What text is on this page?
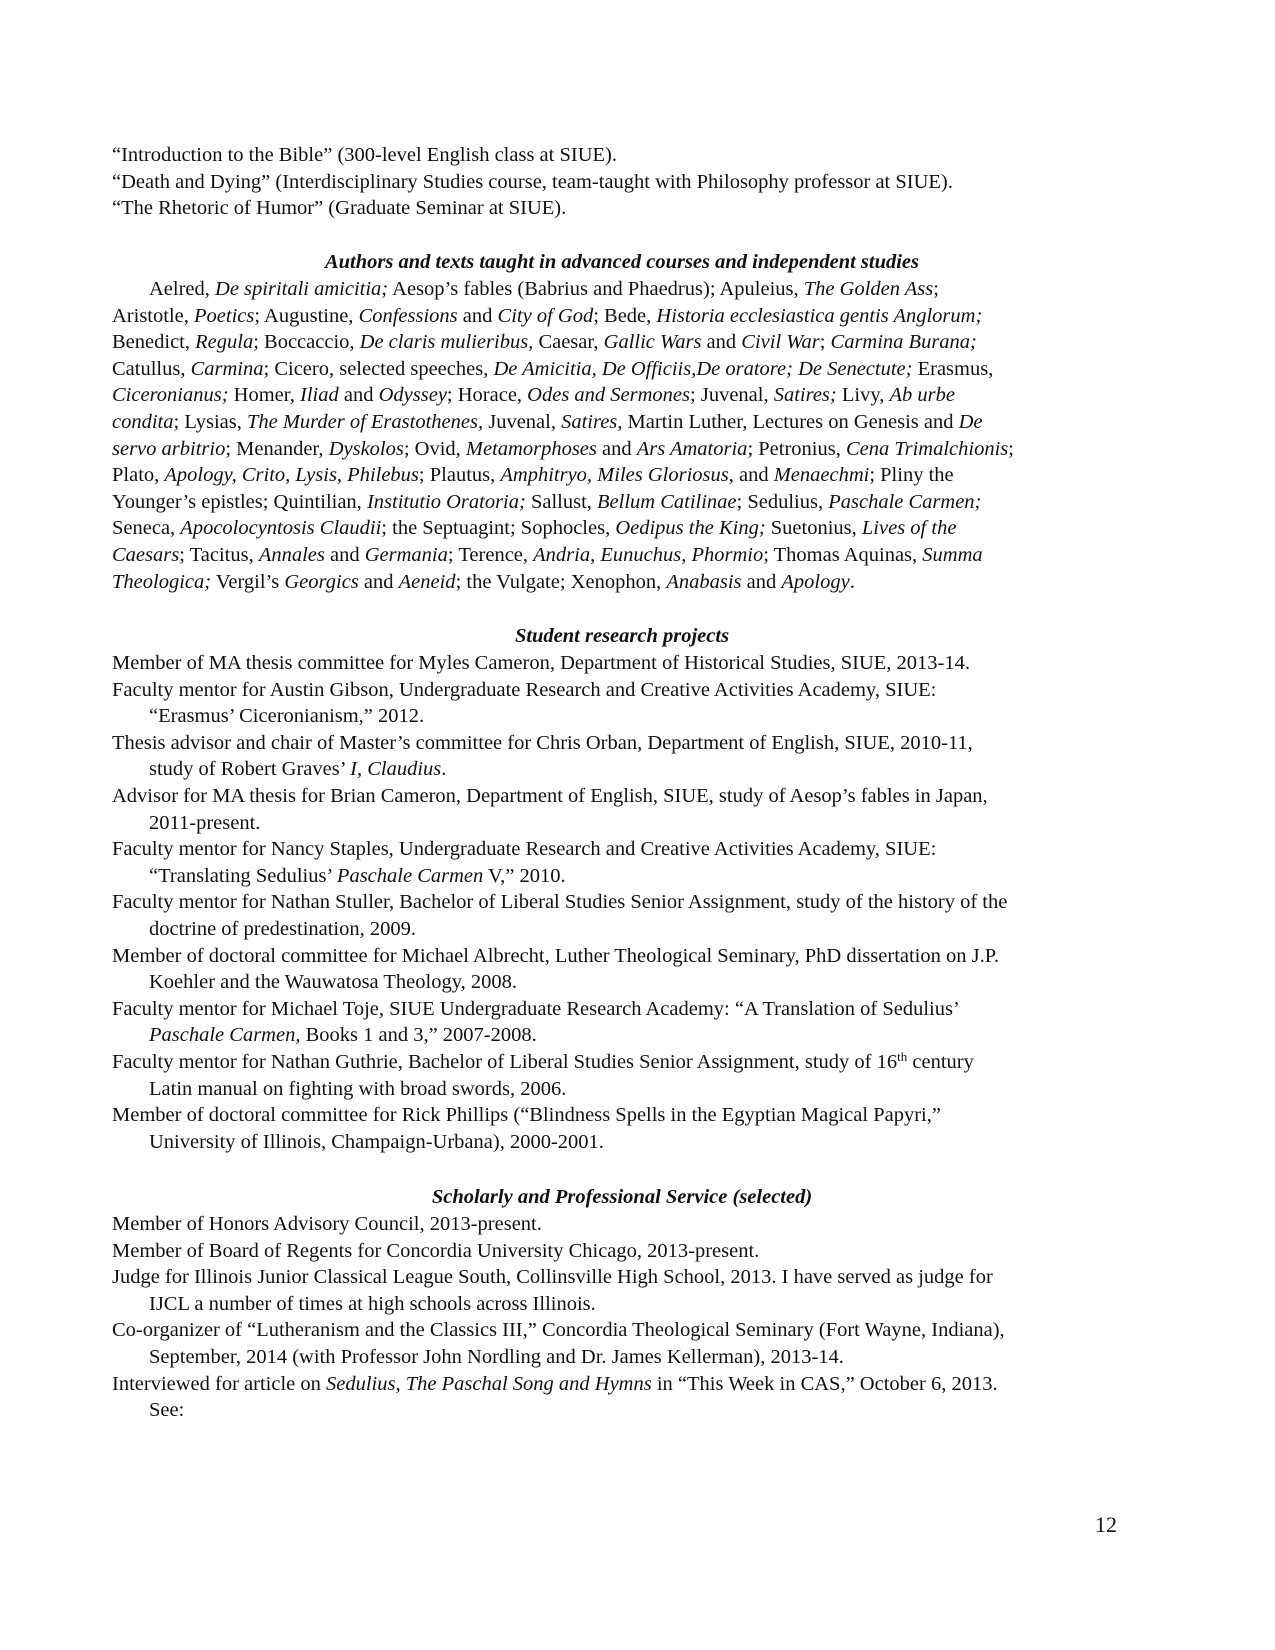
“Introduction to the Bible” (300-level English class at SIUE).
“Death and Dying” (Interdisciplinary Studies course, team-taught with Philosophy professor at SIUE).
“The Rhetoric of Humor” (Graduate Seminar at SIUE).
Authors and texts taught in advanced courses and independent studies
Aelred, De spiritali amicitia; Aesop’s fables (Babrius and Phaedrus); Apuleius, The Golden Ass;
Aristotle, Poetics; Augustine, Confessions and City of God; Bede, Historia ecclesiastica gentis Anglorum;
Benedict, Regula; Boccaccio, De claris mulieribus, Caesar, Gallic Wars and Civil War; Carmina Burana;
Catullus, Carmina; Cicero, selected speeches, De Amicitia, De Officiis,De oratore; De Senectute; Erasmus,
Ciceronianus; Homer, Iliad and Odyssey; Horace, Odes and Sermones; Juvenal, Satires; Livy, Ab urbe
condita; Lysias, The Murder of Erastothenes, Juvenal, Satires, Martin Luther, Lectures on Genesis and De
servo arbitrio; Menander, Dyskolos; Ovid, Metamorphoses and Ars Amatoria; Petronius, Cena Trimalchionis;
Plato, Apology, Crito, Lysis, Philebus; Plautus, Amphitryo, Miles Gloriosus, and Menaechmi; Pliny the
Younger’s epistles; Quintilian, Institutio Oratoria; Sallust, Bellum Catilinae; Sedulius, Paschale Carmen;
Seneca, Apocolocyntosis Claudii; the Septuagint; Sophocles, Oedipus the King; Suetonius, Lives of the
Caesars; Tacitus, Annales and Germania; Terence, Andria, Eunuchus, Phormio; Thomas Aquinas, Summa
Theologica; Vergil’s Georgics and Aeneid; the Vulgate; Xenophon, Anabasis and Apology.
Student research projects
Member of MA thesis committee for Myles Cameron, Department of Historical Studies, SIUE, 2013-14.
Faculty mentor for Austin Gibson, Undergraduate Research and Creative Activities Academy, SIUE:
“Erasmus’ Ciceronianism,” 2012.
Thesis advisor and chair of Master’s committee for Chris Orban, Department of English, SIUE, 2010-11,
study of Robert Graves’ I, Claudius.
Advisor for MA thesis for Brian Cameron, Department of English, SIUE, study of Aesop’s fables in Japan,
2011-present.
Faculty mentor for Nancy Staples, Undergraduate Research and Creative Activities Academy, SIUE:
“Translating Sedulius’ Paschale Carmen V,” 2010.
Faculty mentor for Nathan Stuller, Bachelor of Liberal Studies Senior Assignment, study of the history of the
doctrine of predestination, 2009.
Member of doctoral committee for Michael Albrecht, Luther Theological Seminary, PhD dissertation on J.P.
Koehler and the Wauwatosa Theology, 2008.
Faculty mentor for Michael Toje, SIUE Undergraduate Research Academy: “A Translation of Sedulius’
Paschale Carmen, Books 1 and 3,” 2007-2008.
Faculty mentor for Nathan Guthrie, Bachelor of Liberal Studies Senior Assignment, study of 16th century
Latin manual on fighting with broad swords, 2006.
Member of doctoral committee for Rick Phillips (“Blindness Spells in the Egyptian Magical Papyri,”
University of Illinois, Champaign-Urbana), 2000-2001.
Scholarly and Professional Service (selected)
Member of Honors Advisory Council, 2013-present.
Member of Board of Regents for Concordia University Chicago, 2013-present.
Judge for Illinois Junior Classical League South, Collinsville High School, 2013. I have served as judge for
IJCL a number of times at high schools across Illinois.
Co-organizer of “Lutheranism and the Classics III,” Concordia Theological Seminary (Fort Wayne, Indiana),
September, 2014 (with Professor John Nordling and Dr. James Kellerman), 2013-14.
Interviewed for article on Sedulius, The Paschal Song and Hymns in “This Week in CAS,” October 6, 2013.
See:
12
